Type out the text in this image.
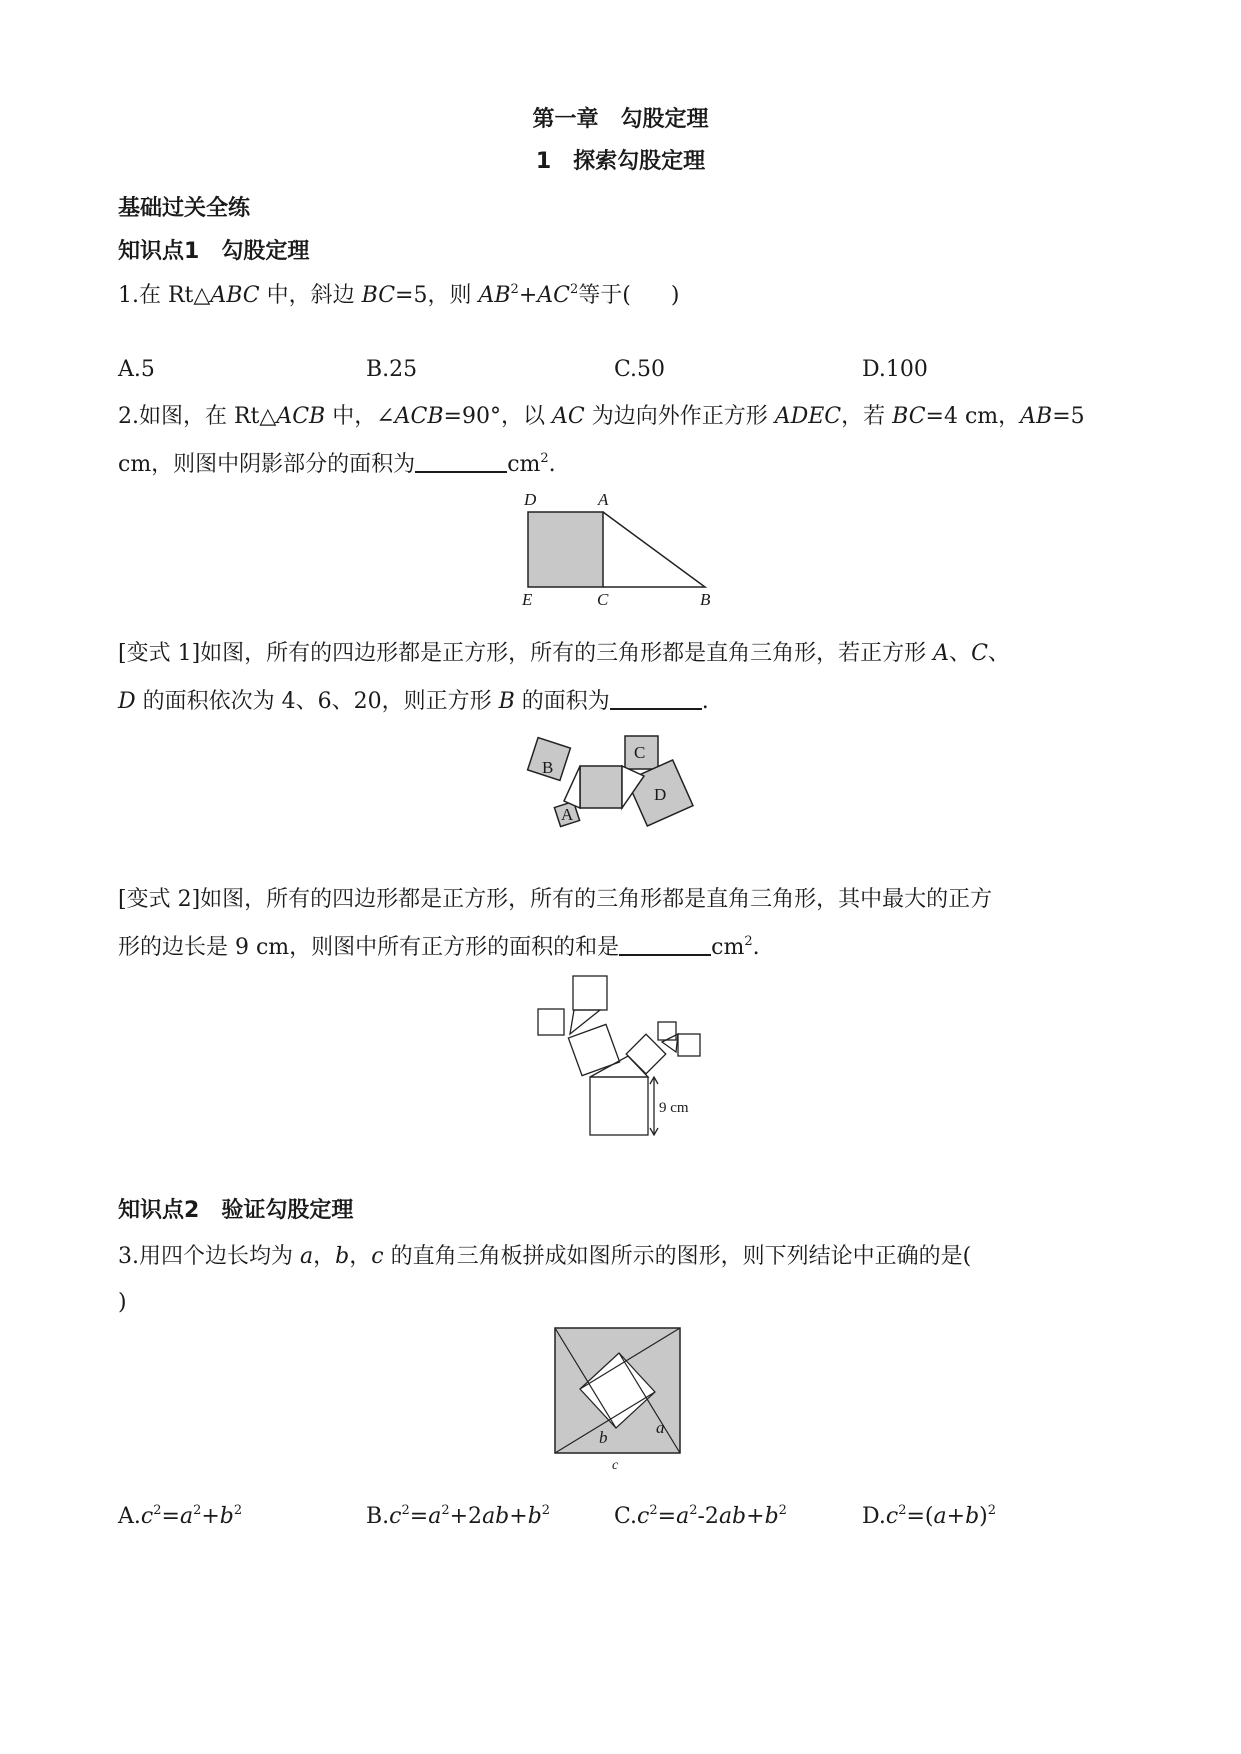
第一章　勾股定理
1　探索勾股定理
基础过关全练
知识点1  勾股定理
1.在 Rt△ABC 中，斜边 BC=5，则 $AB^2+AC^2$等于( )
A.5	B.25	C.50	D.100
2.如图，在 Rt△ACB 中，∠ACB=90°，以 AC 为边向外作正方形 ADEC，若 BC=4 cm，AB=5
cm，则图中阴影部分的面积为	$cm^2$.
D	A
E	C	B
[变式 1]如图，所有的四边形都是正方形，所有的三角形都是直角三角形，若正方形 A、C、
D 的面积依次为 4、6、20，则正方形 B 的面积为	.
B
A
C
D
[变式 2]如图，所有的四边形都是正方形，所有的三角形都是直角三角形，其中最大的正方
形的边长是 9 cm，则图中所有正方形的面积的和是	$cm^2$.
9 cm
知识点2  验证勾股定理
3.用四个边长均为 a，b，c 的直角三角板拼成如图所示的图形，则下列结论中正确的是(
)
b
a
c
$A.c^2=a^2+b^2$	$B.c^2=a^2+2ab+b^2$	$C.c^2=a^2-2ab+b^2$	$D.c^2=(a+b)^2$
